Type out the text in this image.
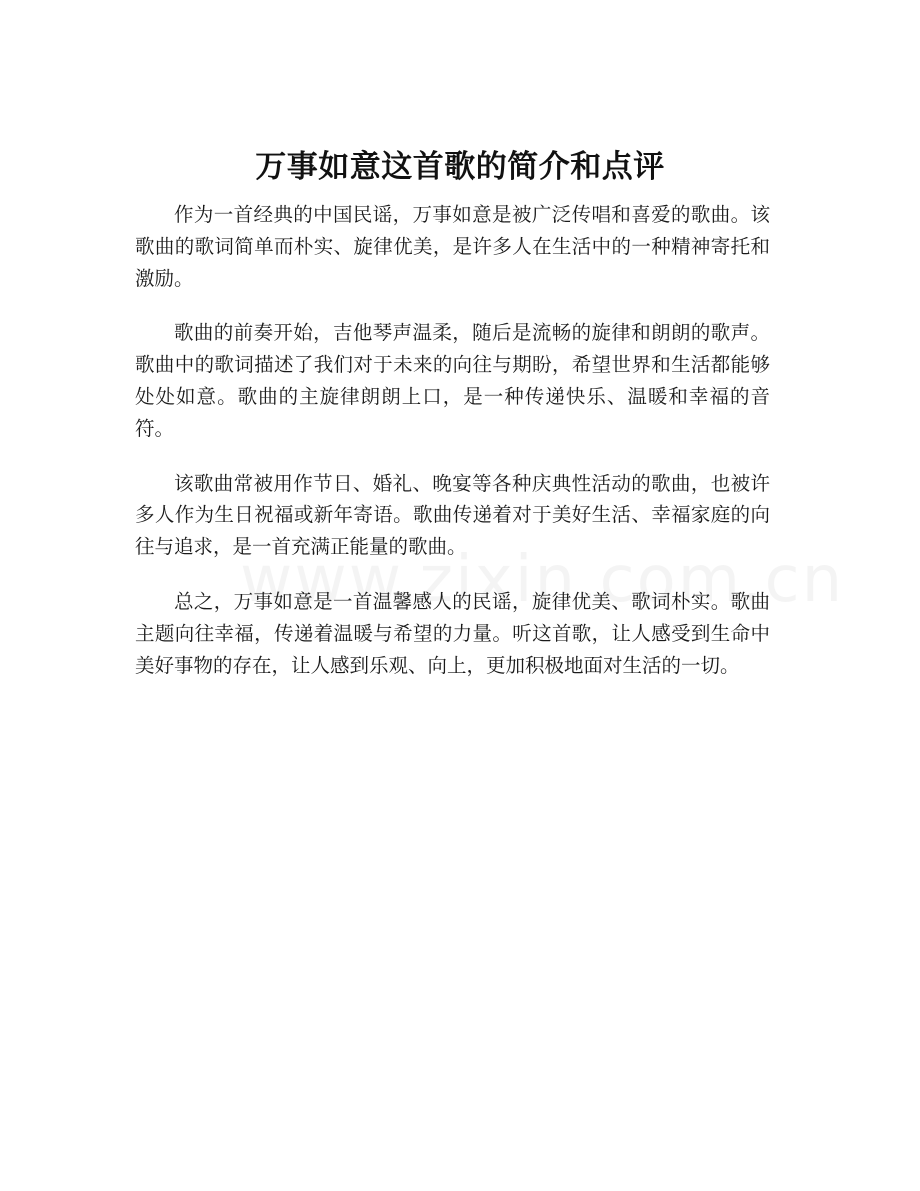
万事如意这首歌的简介和点评

作为一首经典的中国民谣，万事如意是被广泛传唱和喜爱的歌曲。该歌曲的歌词简单而朴实、旋律优美，是许多人在生活中的一种精神寄托和激励。

歌曲的前奏开始，吉他琴声温柔，随后是流畅的旋律和朗朗的歌声。歌曲中的歌词描述了我们对于未来的向往与期盼，希望世界和生活都能够处处如意。歌曲的主旋律朗朗上口，是一种传递快乐、温暖和幸福的音符。

该歌曲常被用作节日、婚礼、晚宴等各种庆典性活动的歌曲，也被许多人作为生日祝福或新年寄语。歌曲传递着对于美好生活、幸福家庭的向往与追求，是一首充满正能量的歌曲。

总之，万事如意是一首温馨感人的民谣，旋律优美、歌词朴实。歌曲主题向往幸福，传递着温暖与希望的力量。听这首歌，让人感受到生命中美好事物的存在，让人感到乐观、向上，更加积极地面对生活的一切。
